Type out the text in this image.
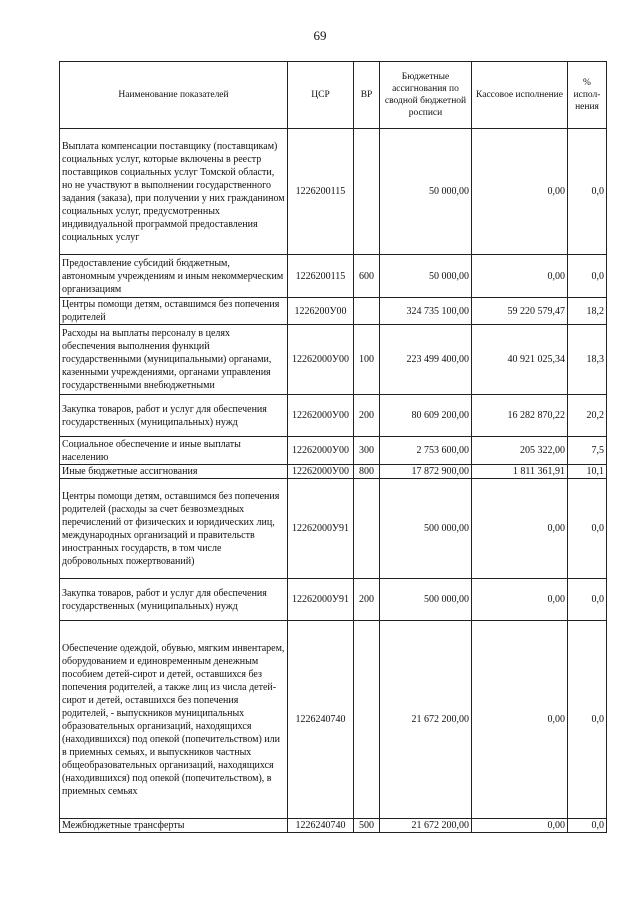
69
Наименование показателей	ЦСР	ВР	Бюджетные ассигнования по сводной бюджетной росписи	Кассовое исполнение	% испол-нения
Выплата компенсации поставщику (поставщикам) социальных услуг, которые включены в реестр поставщиков социальных услуг Томской области, но не участвуют в выполнении государственного задания (заказа), при получении у них гражданином социальных услуг, предусмотренных индивидуальной программой предоставления социальных услуг	1226200115		50 000,00	0,00	0,0
Предоставление субсидий бюджетным, автономным учреждениям и иным некоммерческим организациям	1226200115	600	50 000,00	0,00	0,0
Центры помощи детям, оставшимся без попечения родителей	1226200У00		324 735 100,00	59 220 579,47	18,2
Расходы на выплаты персоналу в целях обеспечения выполнения функций государственными (муниципальными) органами, казенными учреждениями, органами управления государственными внебюджетными	12262000У00	100	223 499 400,00	40 921 025,34	18,3
Закупка товаров, работ и услуг для обеспечения государственных (муниципальных) нужд	12262000У00	200	80 609 200,00	16 282 870,22	20,2
Социальное обеспечение и иные выплаты населению	12262000У00	300	2 753 600,00	205 322,00	7,5
Иные бюджетные ассигнования	12262000У00	800	17 872 900,00	1 811 361,91	10,1
Центры помощи детям, оставшимся без попечения родителей (расходы за счет безвозмездных перечислений от физических и юридических лиц, международных организаций и правительств иностранных государств, в том числе добровольных пожертвований)	12262000У91		500 000,00	0,00	0,0
Закупка товаров, работ и услуг для обеспечения государственных (муниципальных) нужд	12262000У91	200	500 000,00	0,00	0,0
Обеспечение одеждой, обувью, мягким инвентарем, оборудованием и единовременным денежным пособием детей-сирот и детей, оставшихся без попечения родителей, а также лиц из числа детей-сирот и детей, оставшихся без попечения родителей, - выпускников муниципальных образовательных организаций, находящихся (находившихся) под опекой (попечительством) или в приемных семьях, и выпускников частных общеобразовательных организаций, находящихся (находившихся) под опекой (попечительством), в приемных семьях	1226240740		21 672 200,00	0,00	0,0
Межбюджетные трансферты	1226240740	500	21 672 200,00	0,00	0,0
